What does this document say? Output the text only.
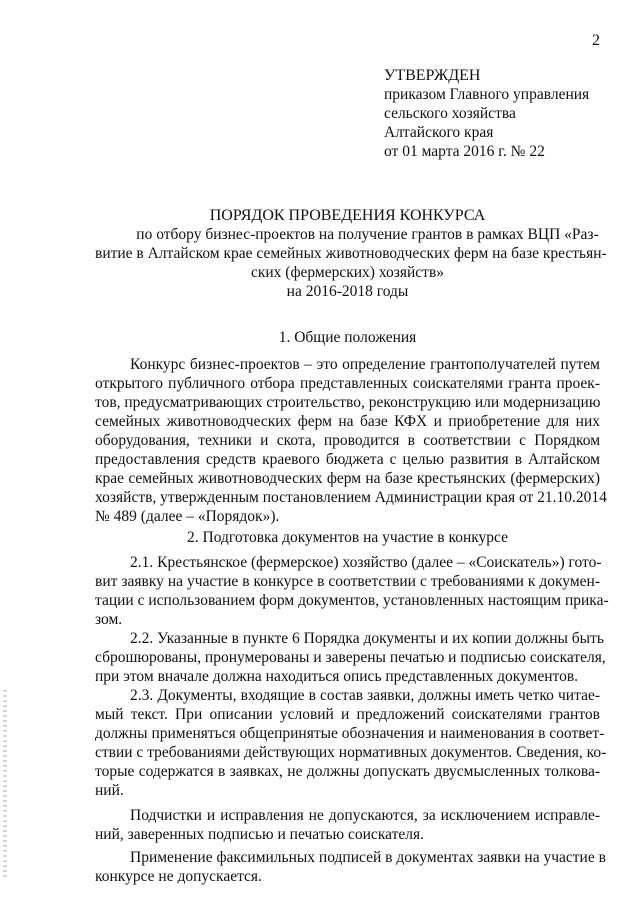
2
УТВЕРЖДЕН
приказом Главного управления
сельского хозяйства
Алтайского края
от 01 марта 2016 г. № 22
ПОРЯДОК ПРОВЕДЕНИЯ КОНКУРСА
по отбору бизнес-проектов на получение грантов в рамках ВЦП «Раз-
витие в Алтайском крае семейных животноводческих ферм на базе крестьян-
ских (фермерских) хозяйств»
на 2016-2018 годы
1. Общие положения
Конкурс бизнес-проектов – это определение грантополучателей путем
открытого публичного отбора представленных соискателями гранта проек-
тов, предусматривающих строительство, реконструкцию или модернизацию
семейных животноводческих ферм на базе КФХ и приобретение для них
оборудования, техники и скота, проводится в соответствии с Порядком
предоставления средств краевого бюджета с целью развития в Алтайском
крае семейных животноводческих ферм на базе крестьянских (фермерских)
хозяйств, утвержденным постановлением Администрации края от 21.10.2014
№ 489 (далее – «Порядок»).
2. Подготовка документов на участие в конкурсе
2.1. Крестьянское (фермерское) хозяйство (далее – «Соискатель») гото-
вит заявку на участие в конкурсе в соответствии с требованиями к докумен-
тации с использованием форм документов, установленных настоящим прика-
зом.
2.2. Указанные в пункте 6 Порядка документы и их копии должны быть
сброшюрованы, пронумерованы и заверены печатью и подписью соискателя,
при этом вначале должна находиться опись представленных документов.
2.3. Документы, входящие в состав заявки, должны иметь четко читае-
мый текст. При описании условий и предложений соискателями грантов
должны применяться общепринятые обозначения и наименования в соответ-
ствии с требованиями действующих нормативных документов. Сведения, ко-
торые содержатся в заявках, не должны допускать двусмысленных толкова-
ний.
Подчистки и исправления не допускаются, за исключением исправле-
ний, заверенных подписью и печатью соискателя.
Применение факсимильных подписей в документах заявки на участие в
конкурсе не допускается.
